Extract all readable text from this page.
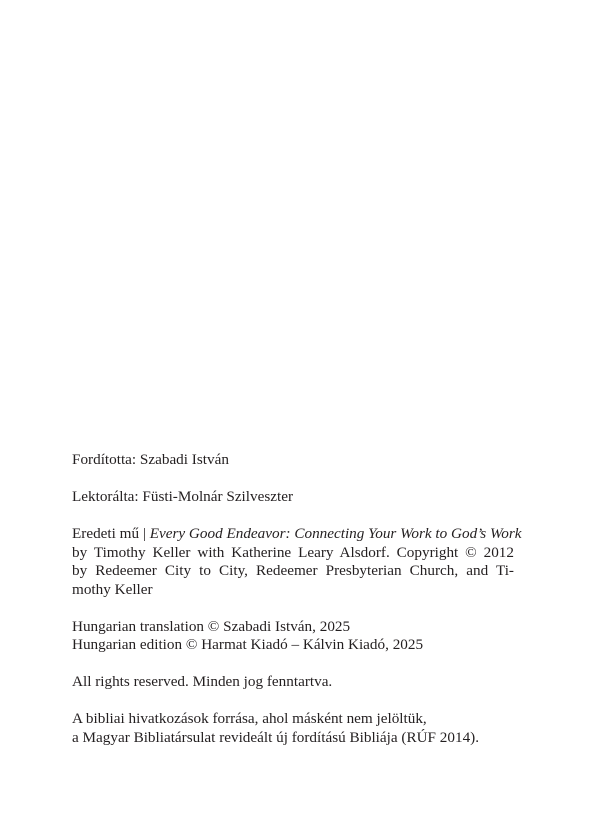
Fordította: Szabadi István
Lektorálta: Füsti-Molnár Szilveszter
Eredeti mű | Every Good Endeavor: Connecting Your Work to God’s Work
by Timothy Keller with Katherine Leary Alsdorf. Copyright © 2012
by Redeemer City to City, Redeemer Presbyterian Church, and Ti-
mothy Keller
Hungarian translation © Szabadi István, 2025
Hungarian edition © Harmat Kiadó – Kálvin Kiadó, 2025
All rights reserved. Minden jog fenntartva.
A bibliai hivatkozások forrása, ahol másként nem jelöltük,
a Magyar Bibliatársulat revideált új fordítású Bibliája (RÚF 2014).
